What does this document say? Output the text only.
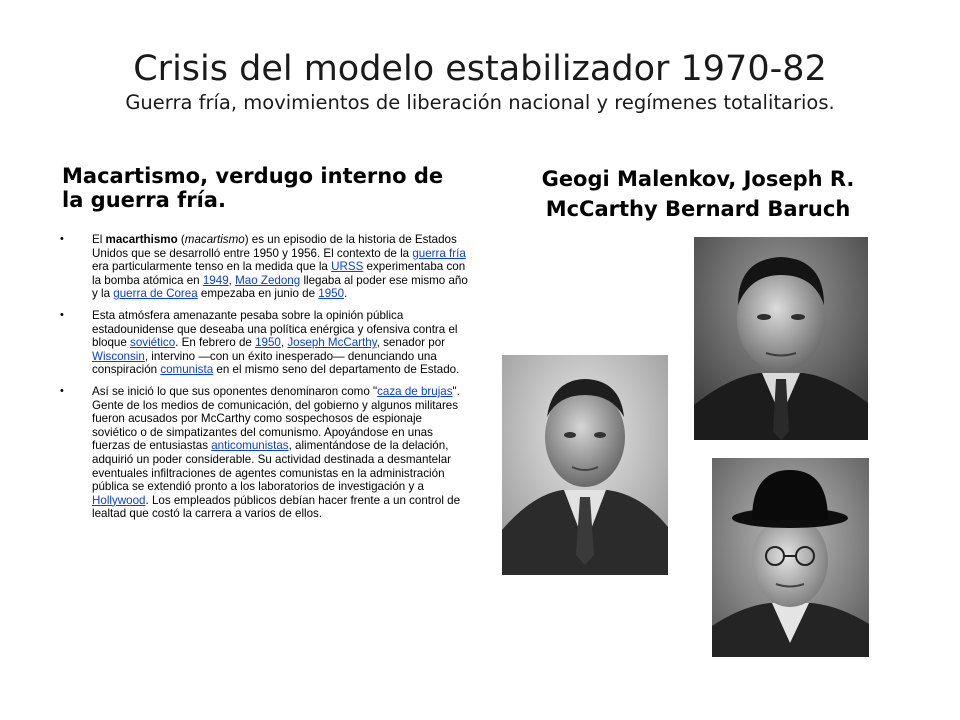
Crisis del modelo estabilizador 1970-82
Guerra fría, movimientos de liberación nacional y regímenes totalitarios.
Macartismo, verdugo interno de la guerra fría.
Geogi Malenkov, Joseph R.
McCarthy Bernard Baruch
• El macarthismo (macartismo) es un episodio de la historia de Estados Unidos que se desarrolló entre 1950 y 1956. El contexto de la guerra fría era particularmente tenso en la medida que la URSS experimentaba con la bomba atómica en 1949, Mao Zedong llegaba al poder ese mismo año y la guerra de Corea empezaba en junio de 1950.
• Esta atmósfera amenazante pesaba sobre la opinión pública estadounidense que deseaba una política enérgica y ofensiva contra el bloque soviético. En febrero de 1950, Joseph McCarthy, senador por Wisconsin, intervino —con un éxito inesperado— denunciando una conspiración comunista en el mismo seno del departamento de Estado.
• Así se inició lo que sus oponentes denominaron como "caza de brujas". Gente de los medios de comunicación, del gobierno y algunos militares fueron acusados por McCarthy como sospechosos de espionaje soviético o de simpatizantes del comunismo. Apoyándose en unas fuerzas de entusiastas anticomunistas, alimentándose de la delación, adquirió un poder considerable. Su actividad destinada a desmantelar eventuales infiltraciones de agentes comunistas en la administración pública se extendió pronto a los laboratorios de investigación y a Hollywood. Los empleados públicos debían hacer frente a un control de lealtad que costó la carrera a varios de ellos.
